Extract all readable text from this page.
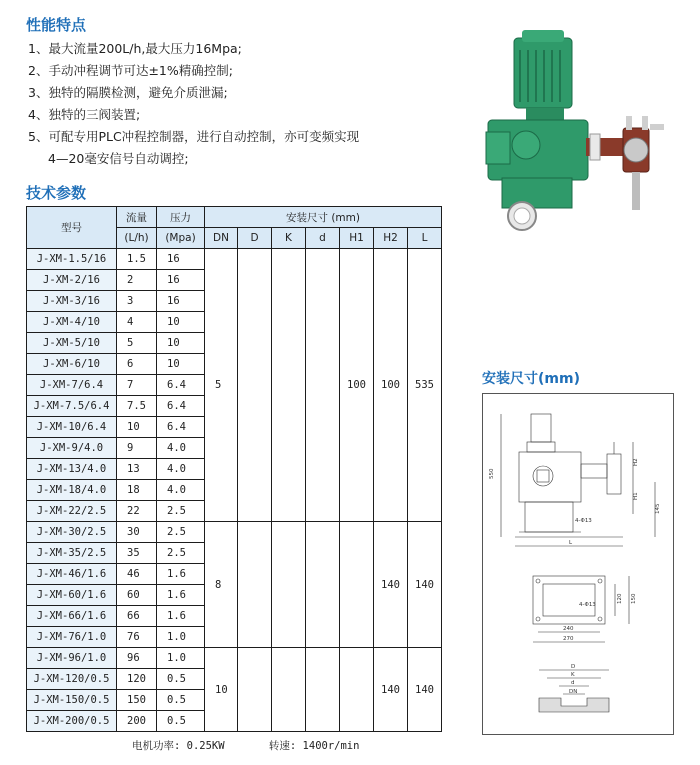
性能特点
1、最大流量200L/h,最大压力16Mpa;
2、手动冲程调节可达±1%精确控制;
3、独特的隔膜检测，避免介质泄漏;
4、独特的三阀装置;
5、可配专用PLC冲程控制器，进行自动控制，亦可变频实现
4—20毫安信号自动调控;
技术参数
型号	流量	压力	安装尺寸 (mm)						
	(L/h)	(Mpa)	DN	D	K	d	H1	H2	L
J-XM-1.5/16	1.5	16	5				100	100	535
J-XM-2/16	2	16							
J-XM-3/16	3	16							
J-XM-4/10	4	10							
J-XM-5/10	5	10							
J-XM-6/10	6	10							
J-XM-7/6.4	7	6.4							
J-XM-7.5/6.4	7.5	6.4							
J-XM-10/6.4	10	6.4							
J-XM-9/4.0	9	4.0							
J-XM-13/4.0	13	4.0							
J-XM-18/4.0	18	4.0							
J-XM-22/2.5	22	2.5							
J-XM-30/2.5	30	2.5	8					140	140
J-XM-35/2.5	35	2.5							
J-XM-46/1.6	46	1.6							
J-XM-60/1.6	60	1.6							
J-XM-66/1.6	66	1.6							
J-XM-76/1.0	76	1.0							
J-XM-96/1.0	96	1.0	10					140	140
J-XM-120/0.5	120	0.5							
J-XM-150/0.5	150	0.5							
J-XM-200/0.5	200	0.5							
电机功率: 0.25KW	转速: 1400r/min
安装尺寸(mm)
550
H2
H1
145
4-Φ13
L
120 150
4-Φ13
240
270
D
K
d
DN
